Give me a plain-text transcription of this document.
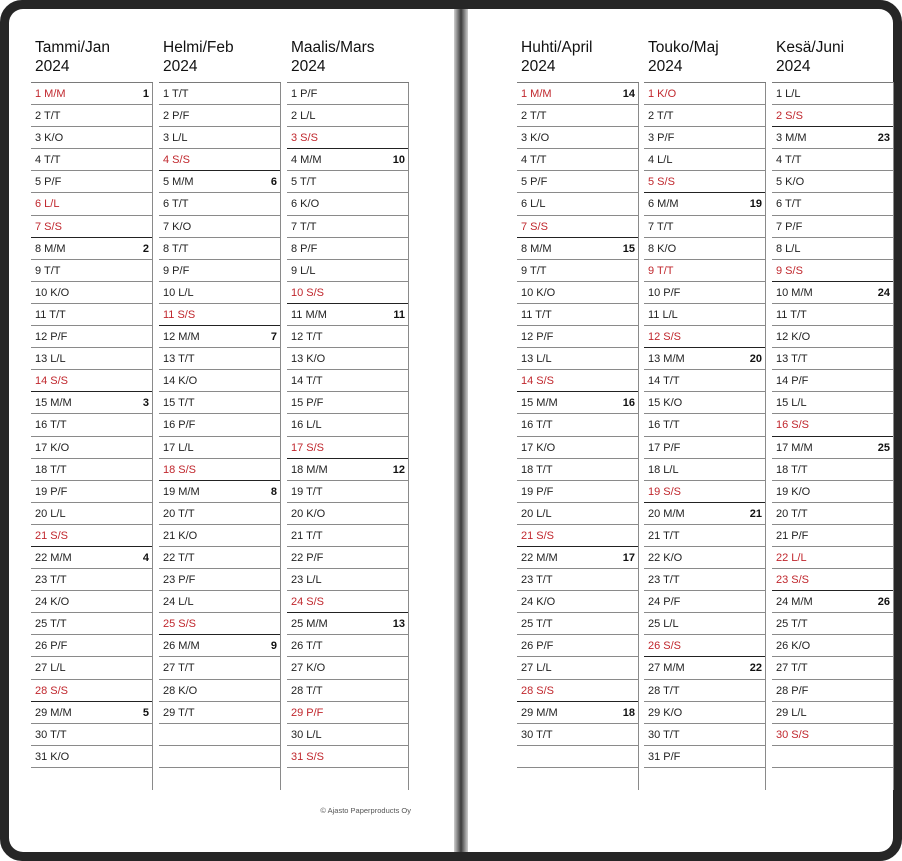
Tammi/Jan
2024
1 M/M	1
2 T/T
3 K/O
4 T/T
5 P/F
6 L/L
7 S/S
8 M/M	2
9 T/T
10 K/O
11 T/T
12 P/F
13 L/L
14 S/S
15 M/M	3
16 T/T
17 K/O
18 T/T
19 P/F
20 L/L
21 S/S
22 M/M	4
23 T/T
24 K/O
25 T/T
26 P/F
27 L/L
28 S/S
29 M/M	5
30 T/T
31 K/O
Helmi/Feb
2024
1 T/T
2 P/F
3 L/L
4 S/S
5 M/M	6
6 T/T
7 K/O
8 T/T
9 P/F
10 L/L
11 S/S
12 M/M	7
13 T/T
14 K/O
15 T/T
16 P/F
17 L/L
18 S/S
19 M/M	8
20 T/T
21 K/O
22 T/T
23 P/F
24 L/L
25 S/S
26 M/M	9
27 T/T
28 K/O
29 T/T
Maalis/Mars
2024
1 P/F
2 L/L
3 S/S
4 M/M	10
5 T/T
6 K/O
7 T/T
8 P/F
9 L/L
10 S/S
11 M/M	11
12 T/T
13 K/O
14 T/T
15 P/F
16 L/L
17 S/S
18 M/M	12
19 T/T
20 K/O
21 T/T
22 P/F
23 L/L
24 S/S
25 M/M	13
26 T/T
27 K/O
28 T/T
29 P/F
30 L/L
31 S/S
Huhti/April
2024
1 M/M	14
2 T/T
3 K/O
4 T/T
5 P/F
6 L/L
7 S/S
8 M/M	15
9 T/T
10 K/O
11 T/T
12 P/F
13 L/L
14 S/S
15 M/M	16
16 T/T
17 K/O
18 T/T
19 P/F
20 L/L
21 S/S
22 M/M	17
23 T/T
24 K/O
25 T/T
26 P/F
27 L/L
28 S/S
29 M/M	18
30 T/T
Touko/Maj
2024
1 K/O
2 T/T
3 P/F
4 L/L
5 S/S
6 M/M	19
7 T/T
8 K/O
9 T/T
10 P/F
11 L/L
12 S/S
13 M/M	20
14 T/T
15 K/O
16 T/T
17 P/F
18 L/L
19 S/S
20 M/M	21
21 T/T
22 K/O
23 T/T
24 P/F
25 L/L
26 S/S
27 M/M	22
28 T/T
29 K/O
30 T/T
31 P/F
Kesä/Juni
2024
1 L/L
2 S/S
3 M/M	23
4 T/T
5 K/O
6 T/T
7 P/F
8 L/L
9 S/S
10 M/M	24
11 T/T
12 K/O
13 T/T
14 P/F
15 L/L
16 S/S
17 M/M	25
18 T/T
19 K/O
20 T/T
21 P/F
22 L/L
23 S/S
24 M/M	26
25 T/T
26 K/O
27 T/T
28 P/F
29 L/L
30 S/S
© Ajasto Paperproducts Oy
